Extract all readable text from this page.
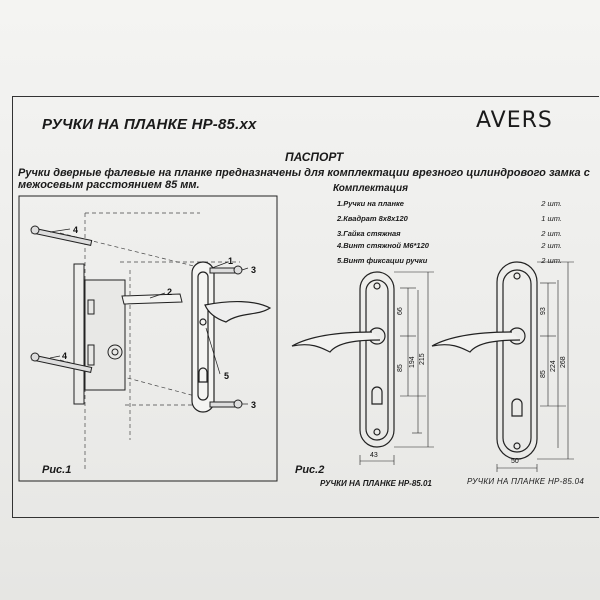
РУЧКИ НА ПЛАНКЕ НР-85.хх	AVERS
ПАСПОРТ
Ручки дверные фалевые на планке предназначены для комплектации врезного цилиндрового замка с межосевым расстоянием 85 мм.	Комплектация
1.Ручки на планке	2 шт.
2.Квадрат 8х8х120	1 шт.
3.Гайка стяжная	2 шт.
4.Винт стяжной М6*120	2 шт.
5.Винт фиксации ручки	2 шт.
1
2
3
4
4
5
3
66
85
194 215
43
93
85
224 268
50
Рис.1	Рис.2
РУЧКИ НА ПЛАНКЕ НР-85.01	РУЧКИ НА ПЛАНКЕ НР-85.04
